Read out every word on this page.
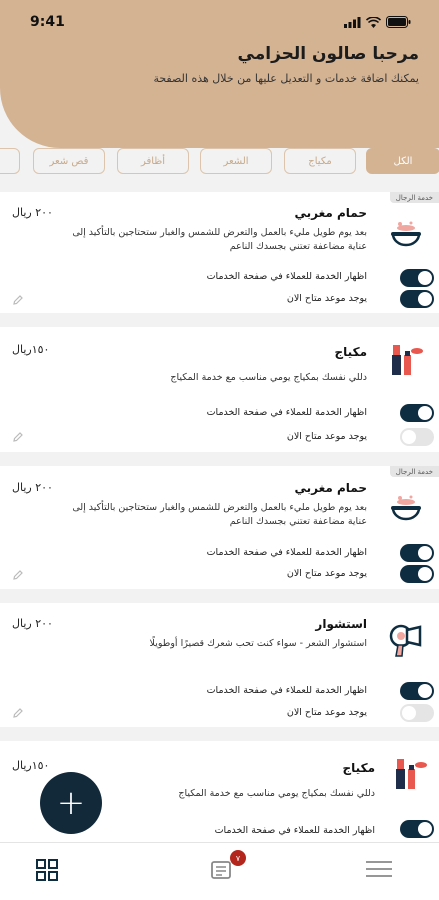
9:41
مرحبا صالون الحزامي
يمكنك اضافة خدمات و التعديل عليها من خلال هذه الصفحة
الكل
مكياج
الشعر
أظافر
قص شعر
خدمة الرجال
حمام مغربي
٢٠٠ ريال
بعد يوم طويل مليء بالعمل والتعرض للشمس والغبار ستحتاجين بالتأكيد إلى عناية مضاعفة تعتني بجسدك الناعم
اظهار الخدمة للعملاء في صفحة الخدمات
يوجد موعد متاح الان
مكياج
١٥٠ريال
دللي نفسك بمكياج يومي مناسب مع خدمة المكياج
اظهار الخدمة للعملاء في صفحة الخدمات
يوجد موعد متاح الان
خدمة الرجال
حمام مغربي
٢٠٠ ريال
بعد يوم طويل مليء بالعمل والتعرض للشمس والغبار ستحتاجين بالتأكيد إلى عناية مضاعفة تعتني بجسدك الناعم
اظهار الخدمة للعملاء في صفحة الخدمات
يوجد موعد متاح الان
استشوار
٢٠٠ ريال
استشوار الشعر - سواء كنت تحب شعرك قصيرًا أوطويلًا
اظهار الخدمة للعملاء في صفحة الخدمات
يوجد موعد متاح الان
مكياج
١٥٠ريال
دللي نفسك بمكياج يومي مناسب مع خدمة المكياج
اظهار الخدمة للعملاء في صفحة الخدمات
+
٧
